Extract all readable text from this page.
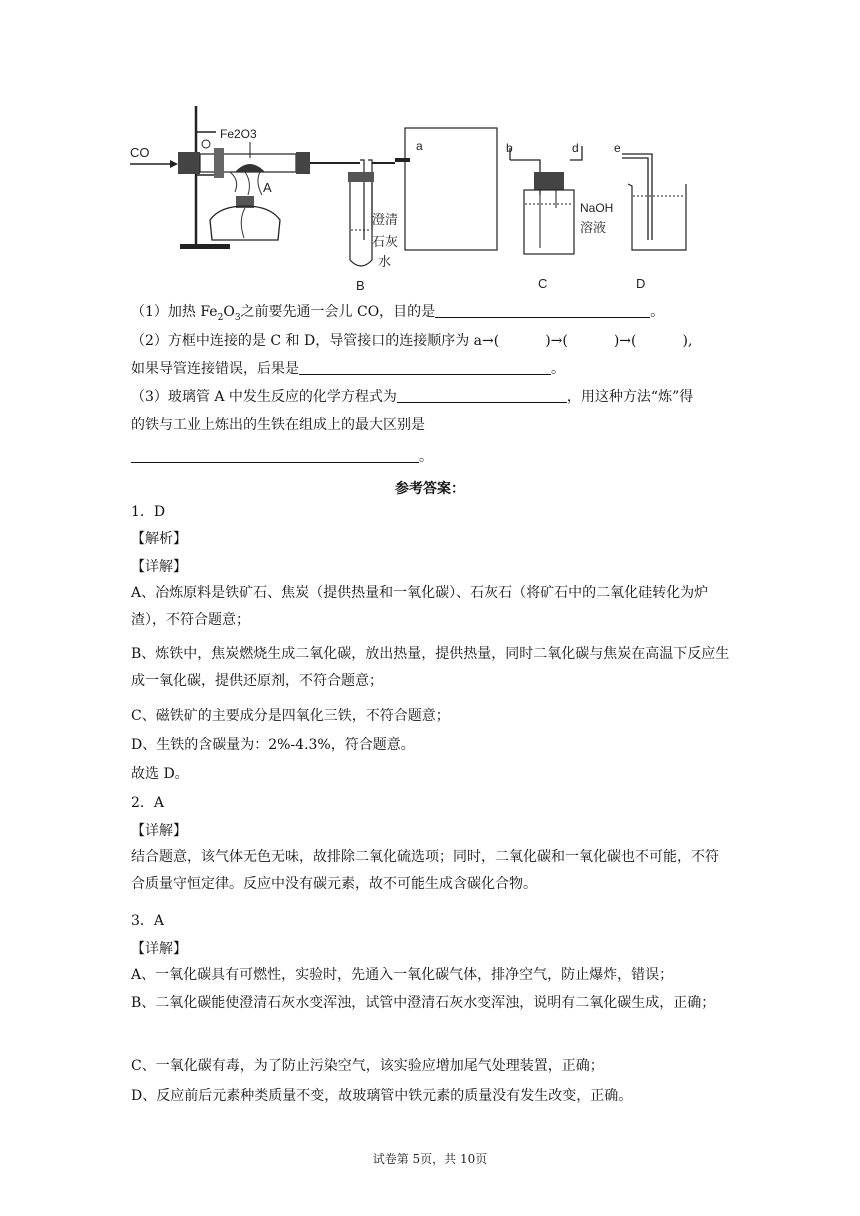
CO
Fe2O3
A
澄清
石灰
水
B
a	b	d
NaOH
溶液
C
e
D
（1）加热 $Fe_2O_3$之前要先通一会儿 CO，目的是	。
（2）方框中连接的是 C 和 D，导管接口的连接顺序为 a→(	)→(	)→(	),
如果导管连接错误，后果是	。
（3）玻璃管 A 中发生反应的化学方程式为	，用这种方法“炼”得
的铁与工业上炼出的生铁在组成上的最大区别是
。
参考答案：
1．D
【解析】
【详解】
A、冶炼原料是铁矿石、焦炭（提供热量和一氧化碳）、石灰石（将矿石中的二氧化硅转化为炉渣），不符合题意；
B、炼铁中，焦炭燃烧生成二氧化碳，放出热量，提供热量，同时二氧化碳与焦炭在高温下反应生成一氧化碳，提供还原剂，不符合题意；
C、磁铁矿的主要成分是四氧化三铁，不符合题意；
D、生铁的含碳量为：2%-4.3%，符合题意。
故选 D。
2．A
【详解】
结合题意，该气体无色无味，故排除二氧化硫选项；同时，二氧化碳和一氧化碳也不可能，不符合质量守恒定律。反应中没有碳元素，故不可能生成含碳化合物。
3．A
【详解】
A、一氧化碳具有可燃性，实验时，先通入一氧化碳气体，排净空气，防止爆炸，错误；
B、二氧化碳能使澄清石灰水变浑浊，试管中澄清石灰水变浑浊，说明有二氧化碳生成，正确；
C、一氧化碳有毒，为了防止污染空气，该实验应增加尾气处理装置，正确；
D、反应前后元素种类质量不变，故玻璃管中铁元素的质量没有发生改变，正确。
试卷第 5页，共 10页
